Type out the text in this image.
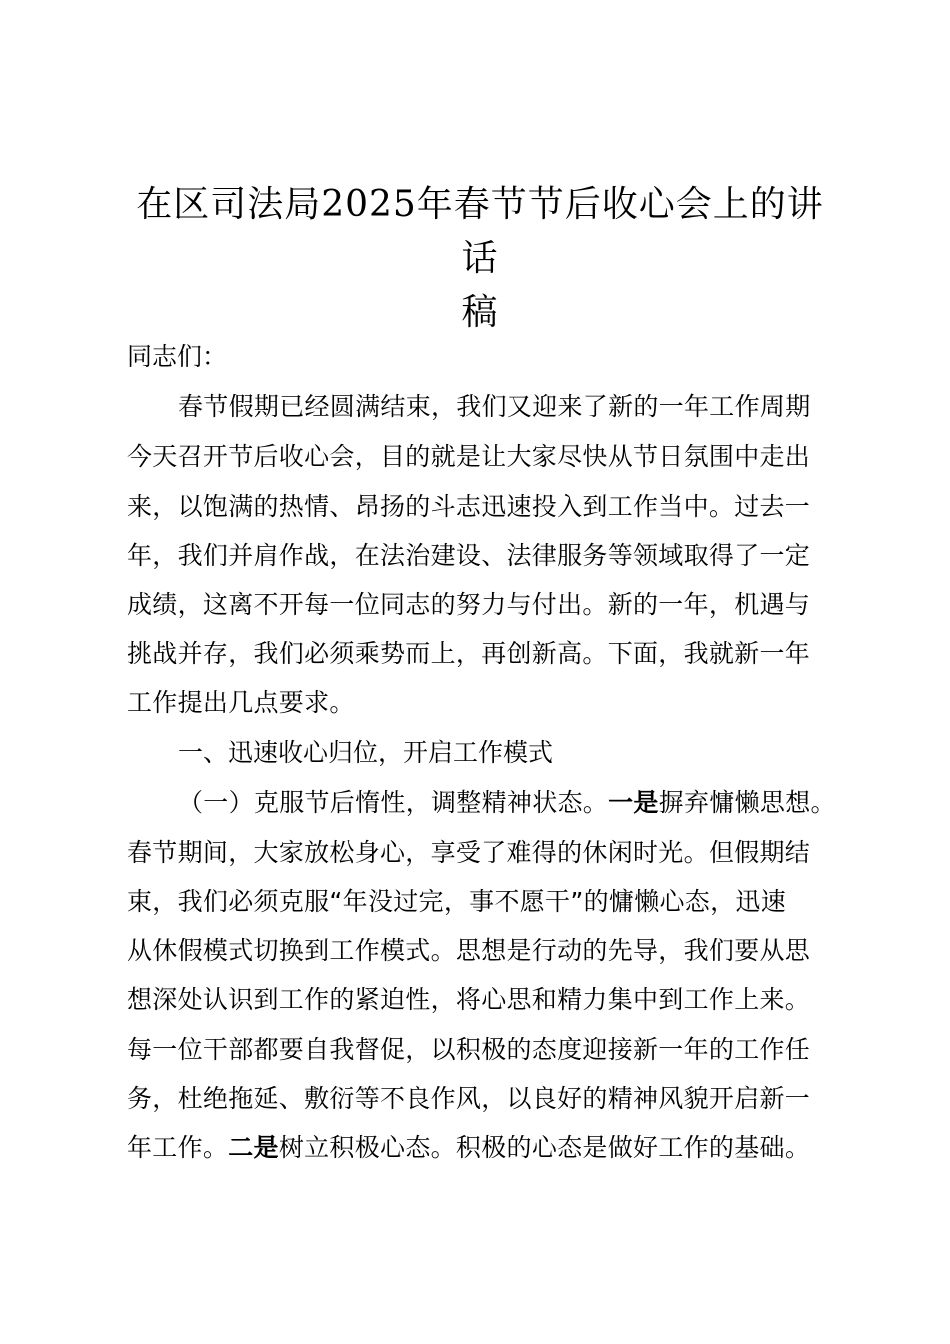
在区司法局2025年春节节后收心会上的讲话
稿
同志们：
春节假期已经圆满结束，我们又迎来了新的一年工作周期
今天召开节后收心会，目的就是让大家尽快从节日氛围中走出
来，以饱满的热情、昂扬的斗志迅速投入到工作当中。过去一
年，我们并肩作战，在法治建设、法律服务等领域取得了一定
成绩，这离不开每一位同志的努力与付出。新的一年，机遇与
挑战并存，我们必须乘势而上，再创新高。下面，我就新一年
工作提出几点要求。
一、迅速收心归位，开启工作模式
（一）克服节后惰性，调整精神状态。一是摒弃慵懒思想。
春节期间，大家放松身心，享受了难得的休闲时光。但假期结
束，我们必须克服“年没过完，事不愿干”的慵懒心态，迅速
从休假模式切换到工作模式。思想是行动的先导，我们要从思
想深处认识到工作的紧迫性，将心思和精力集中到工作上来。
每一位干部都要自我督促，以积极的态度迎接新一年的工作任
务，杜绝拖延、敷衍等不良作风，以良好的精神风貌开启新一
年工作。二是树立积极心态。积极的心态是做好工作的基础。
